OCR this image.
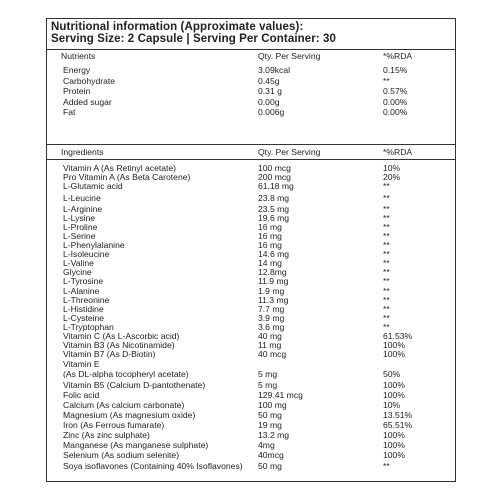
Nutritional information (Approximate values):
Serving Size: 2 Capsule | Serving Per Container: 30
Nutrients	Qty. Per Serving	*%RDA
Energy	3.09kcal	0.15%
Carbohydrate	0.45g	**
Protein	0.31 g	0.57%
Added sugar	0.00g	0.00%
Fat	0.006g	0.00%
Ingredients	Qty. Per Serving	*%RDA
Vitamin A (As Retinyl acetate)	100 mcg	10%
Pro Vitamin A (As Beta Carotene)	200 mcg	20%
L-Glutamic acid	61.18 mg	**
L-Leucine	23.8 mg	**
L-Arginine	23.5 mg	**
L-Lysine	19.6 mg	**
L-Proline	16 mg	**
L-Serine	16 mg	**
L-Phenylalanine	16 mg	**
L-Isoleucine	14.6 mg	**
L-Valine	14 mg	**
Glycine	12.8mg	**
L-Tyrosine	11.9 mg	**
L-Alanine	1.9 mg	**
L-Threonine	11.3 mg	**
L-Histidine	7.7 mg	**
L-Cysteine	3.9 mg	**
L-Tryptophan	3.6 mg	**
Vitamin C (As L-Ascorbic acid)	40 mg	61.53%
Vitamin B3 (As Nicotinamide)	11 mg	100%
Vitamin B7 (As D-Biotin)	40 mcg	100%
Vitamin E
(As DL-alpha tocopheryl acetate)	5 mg	50%
Vitamin B5 (Calcium D-pantothenate)	5 mg	100%
Folic acid	129.41 mcg	100%
Calcium (As calcium carbonate)	100 mg	10%
Magnesium (As magnesium oxide)	50 mg	13.51%
Iron (As Ferrous fumarate)	19 mg	65.51%
Zinc (As zinc sulphate)	13.2 mg	100%
Manganese (As manganese sulphate)	4mg	100%
Selenium (As sodium selenite)	40mcg	100%
Soya isoflavones (Containing 40% Isoflavones) 50 mg	**
